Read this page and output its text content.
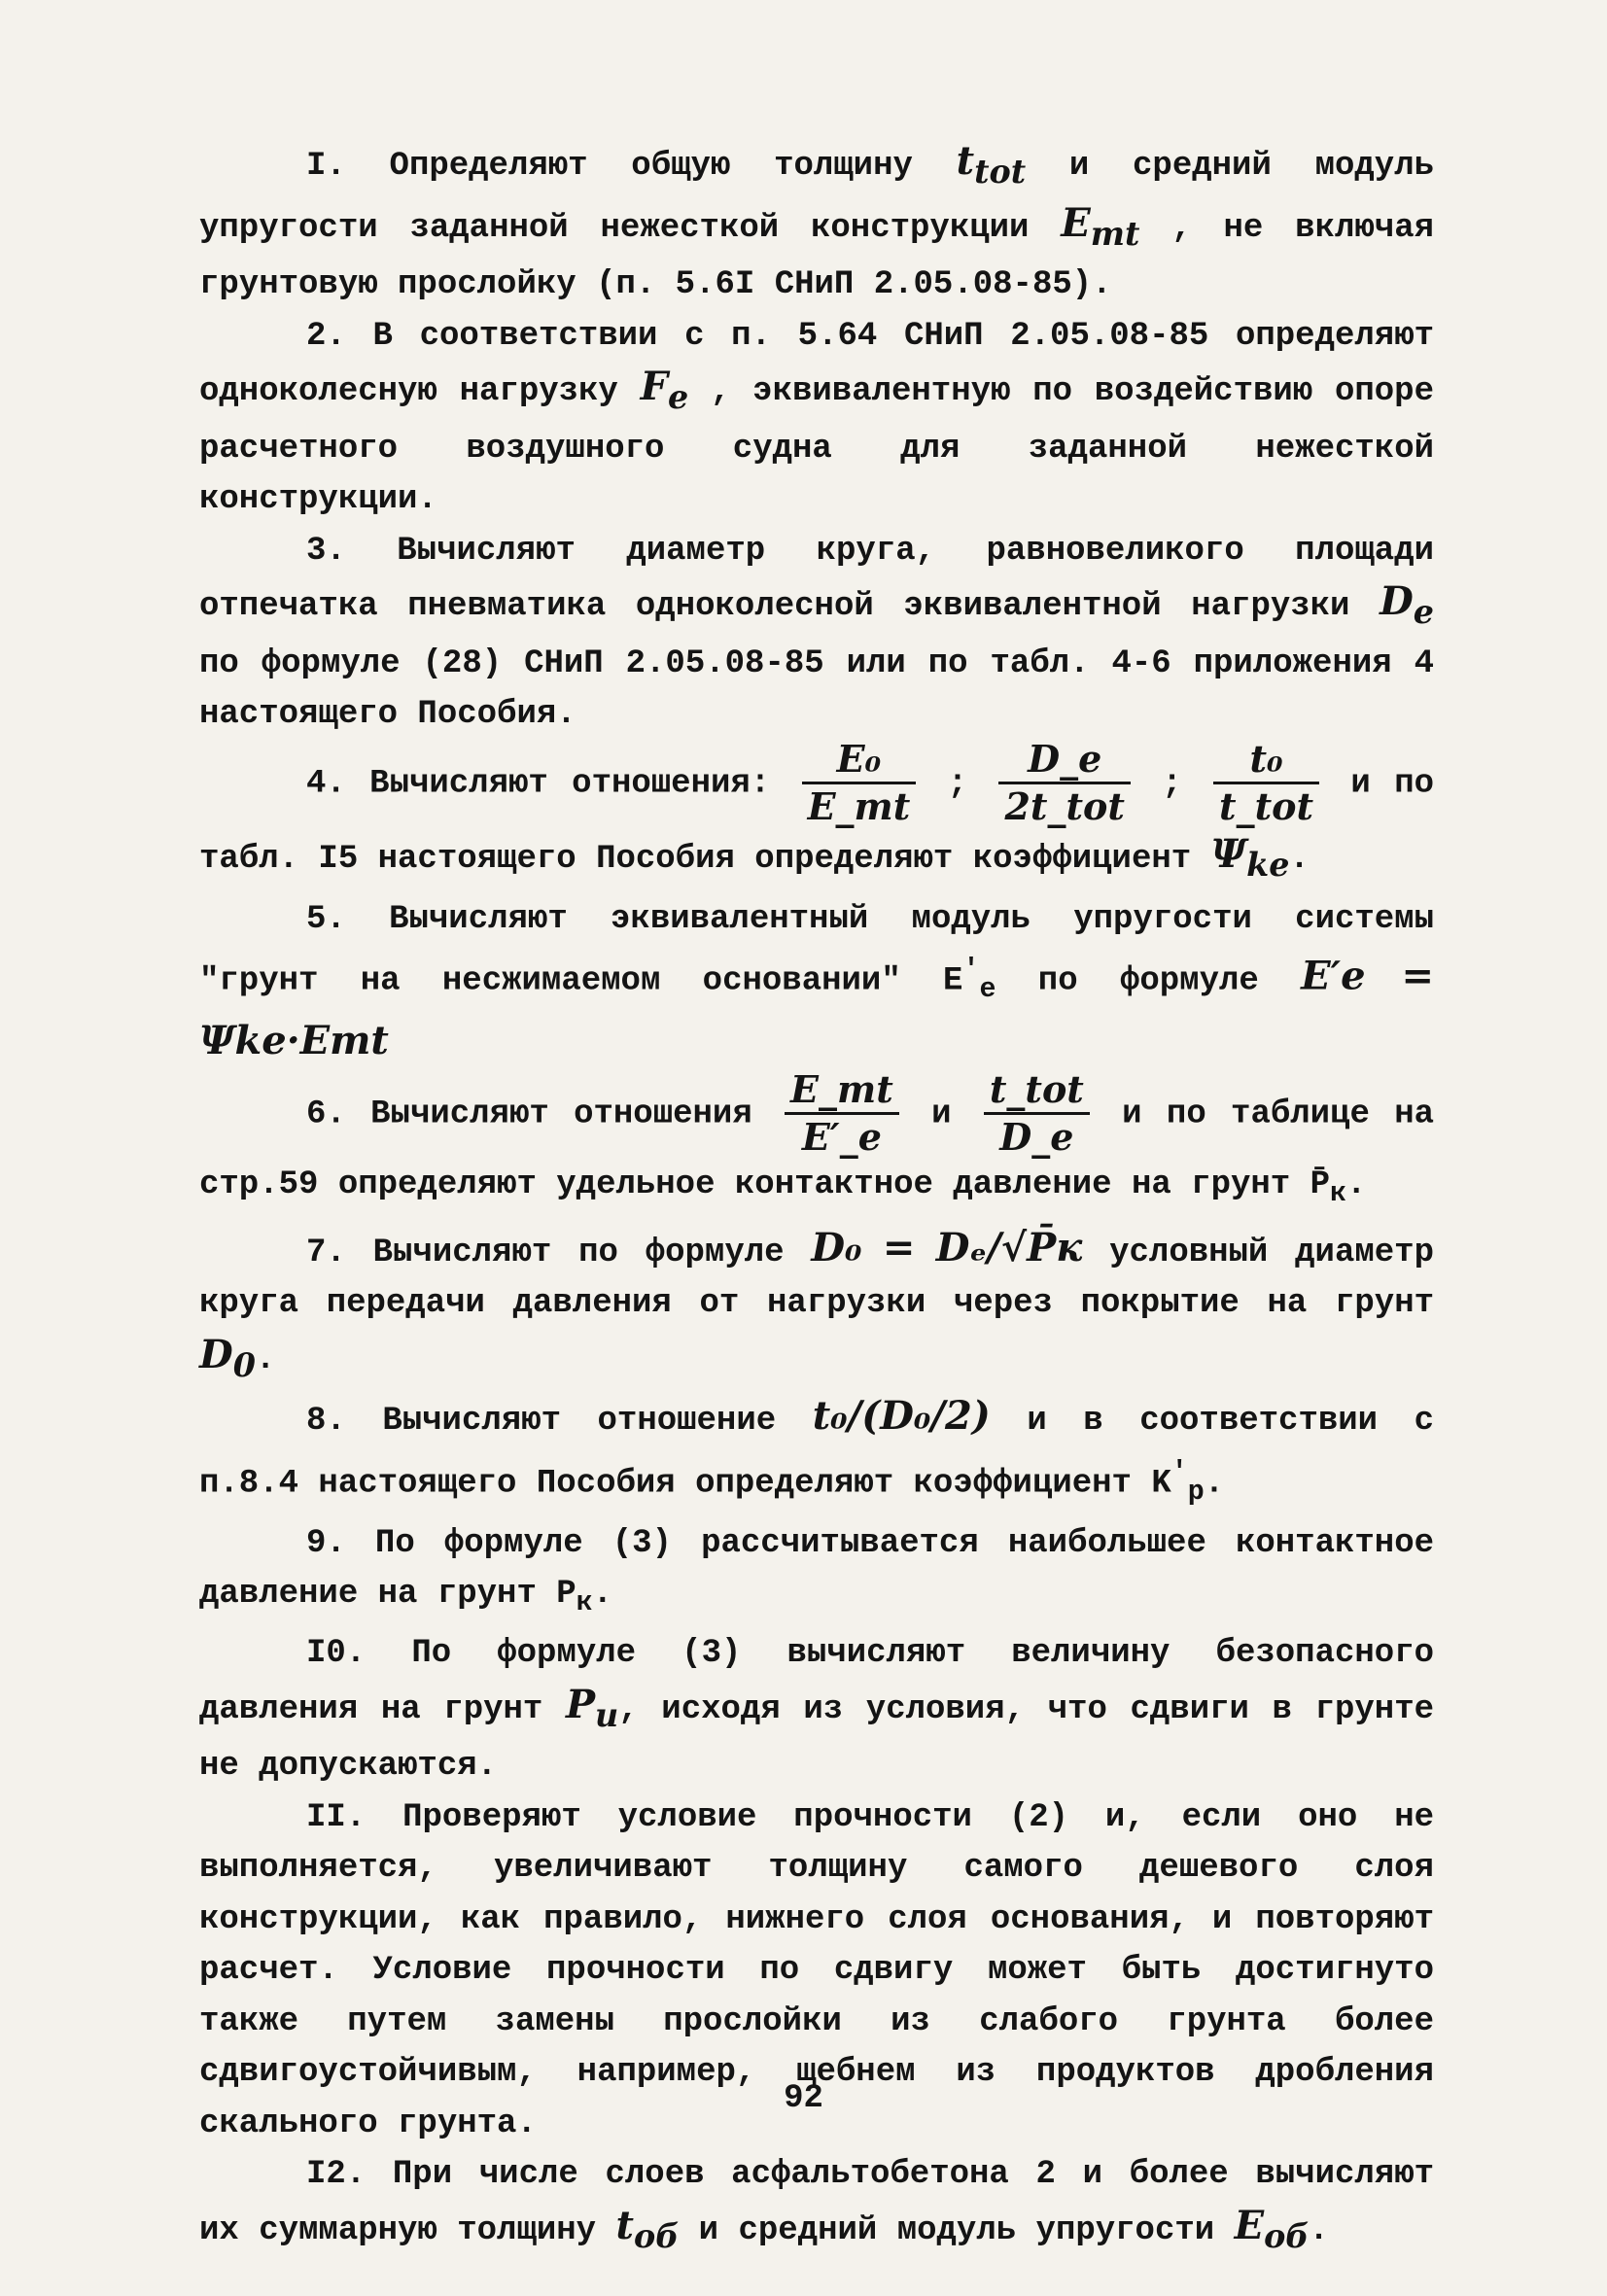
I. Определяют общую толщину $t_{tot}$ и средний модуль упругости заданной нежесткой конструкции $E_{mt}$ , не включая грунтовую прослойку (п. 5.6I СНиП 2.05.08-85).

2. В соответствии с п. 5.64 СНиП 2.05.08-85 определяют одноколесную нагрузку $F_e$ , эквивалентную по воздействию опоре расчетного воздушного судна для заданной нежесткой конструкции.

3. Вычисляют диаметр круга, равновеликого площади отпечатка пневматика одноколесной эквивалентной нагрузки $D_e$ по формуле (28) СНиП 2.05.08-85 или по табл. 4-6 приложения 4 настоящего Пособия.

4. Вычисляют отношения: $\frac{\text{E₀}}{E\_mt}$ ; $\frac{D\_e}{\text{2t\_tot}}$ ; $\frac{\text{t₀}}{\text{t\_tot}}$ и по табл. I5 настоящего Пособия определяют коэффициент $\Psi_{ke}$.

5. Вычисляют эквивалентный модуль упругости системы "грунт на несжимаемом основании" $E'_e$ по формуле E′e = Ψke·Emt

6. Вычисляют отношения $\frac{E\_mt}{E'\_e}$ и $\frac{\text{t\_tot}}{D\_e}$ и по таблице на стр.59 определяют удельное контактное давление на грунт $P̄_к$.

7. Вычисляют по формуле D₀ = Dₑ/√P̄к условный диаметр круга передачи давления от нагрузки через покрытие на грунт $D_0$.

8. Вычисляют отношение t₀/(D₀/2) и в соответствии с п.8.4 настоящего Пособия определяют коэффициент $K'_р$.

9. По формуле (3) рассчитывается наибольшее контактное давление на грунт $P_к$.

I0. По формуле (3) вычисляют величину безопасного давления на грунт $P_u$, исходя из условия, что сдвиги в грунте не допускаются.

II. Проверяют условие прочности (2) и, если оно не выполняется, увеличивают толщину самого дешевого слоя конструкции, как правило, нижнего слоя основания, и повторяют расчет. Условие прочности по сдвигу может быть достигнуто также путем замены прослойки из слабого грунта более сдвигоустойчивым, например, щебнем из продуктов дробления скального грунта.

I2. При числе слоев асфальтобетона 2 и более вычисляют их суммарную толщину $t_{об}$ и средний модуль упругости $E_{об}$.

92
